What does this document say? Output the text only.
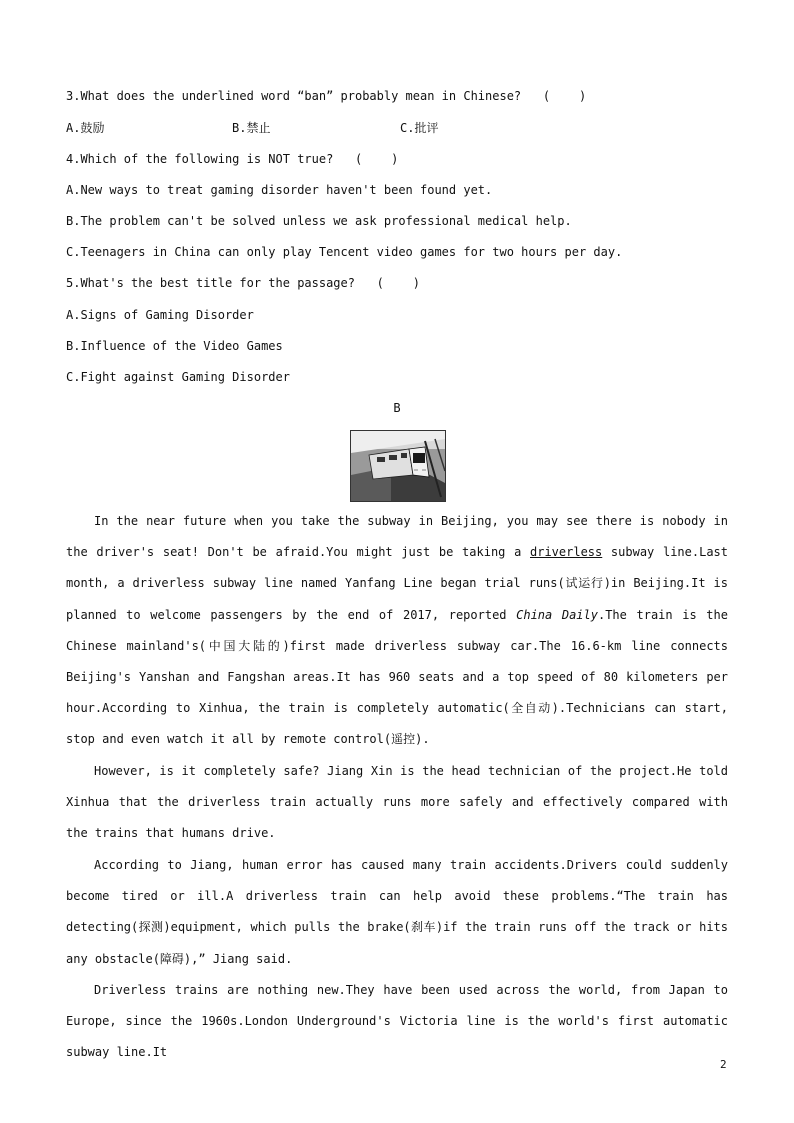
3.What does the underlined word “ban” probably mean in Chinese?   (    )
A.鼓励	B.禁止	C.批评
4.Which of the following is NOT true?   (    )
A.New ways to treat gaming disorder haven't been found yet.
B.The problem can't be solved unless we ask professional medical help.
C.Teenagers in China can only play Tencent video games for two hours per day.
5.What's the best title for the passage?   (    )
A.Signs of Gaming Disorder
B.Influence of the Video Games
C.Fight against Gaming Disorder
B
In the near future when you take the subway in Beijing, you may see there is nobody in the driver's seat! Don't be afraid.You might just be taking a driverless subway line.Last month, a driverless subway line named Yanfang Line began trial runs(试运行)in Beijing.It is planned to welcome passengers by the end of 2017, reported China Daily.The train is the Chinese mainland's(中国大陆的)first made driverless subway car.The 16.6-km line connects Beijing's Yanshan and Fangshan areas.It has 960 seats and a top speed of 80 kilometers per hour.According to Xinhua, the train is completely automatic(全自动).Technicians can start, stop and even watch it all by remote control(遥控).
However, is it completely safe? Jiang Xin is the head technician of the project.He told Xinhua that the driverless train actually runs more safely and effectively compared with the trains that humans drive.
According to Jiang, human error has caused many train accidents.Drivers could suddenly become tired or ill.A driverless train can help avoid these problems.“The train has detecting(探测)equipment, which pulls the brake(刹车)if the train runs off the track or hits any obstacle(障碍),” Jiang said.
Driverless trains are nothing new.They have been used across the world, from Japan to Europe, since the 1960s.London Underground's Victoria line is the world's first automatic subway line.It
2
